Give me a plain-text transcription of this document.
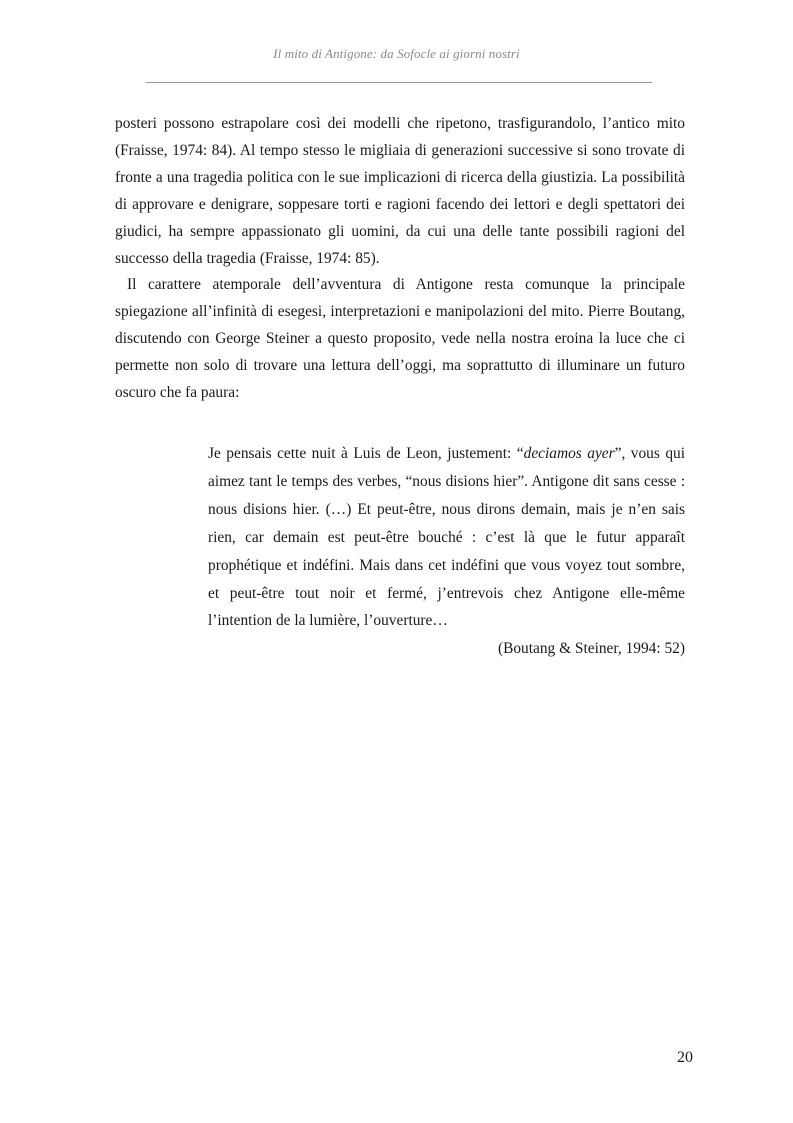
Il mito di Antigone: da Sofocle ai giorni nostri

posteri possono estrapolare così dei modelli che ripetono, trasfigurandolo, l’antico mito (Fraisse, 1974: 84). Al tempo stesso le migliaia di generazioni successive si sono trovate di fronte a una tragedia politica con le sue implicazioni di ricerca della giustizia. La possibilità di approvare e denigrare, soppesare torti e ragioni facendo dei lettori e degli spettatori dei giudici, ha sempre appassionato gli uomini, da cui una delle tante possibili ragioni del successo della tragedia (Fraisse, 1974: 85).

Il carattere atemporale dell’avventura di Antigone resta comunque la principale spiegazione all’infinità di esegesi, interpretazioni e manipolazioni del mito. Pierre Boutang, discutendo con George Steiner a questo proposito, vede nella nostra eroina la luce che ci permette non solo di trovare una lettura dell’oggi, ma soprattutto di illuminare un futuro oscuro che fa paura:

Je pensais cette nuit à Luis de Leon, justement: “deciamos ayer”, vous qui aimez tant le temps des verbes, “nous disions hier”. Antigone dit sans cesse : nous disions hier. (…) Et peut-être, nous dirons demain, mais je n’en sais rien, car demain est peut-être bouché : c’est là que le futur apparaît prophétique et indéfini. Mais dans cet indéfini que vous voyez tout sombre, et peut-être tout noir et fermé, j’entrevois chez Antigone elle-même l’intention de la lumière, l’ouverture…

(Boutang & Steiner, 1994: 52)

20
